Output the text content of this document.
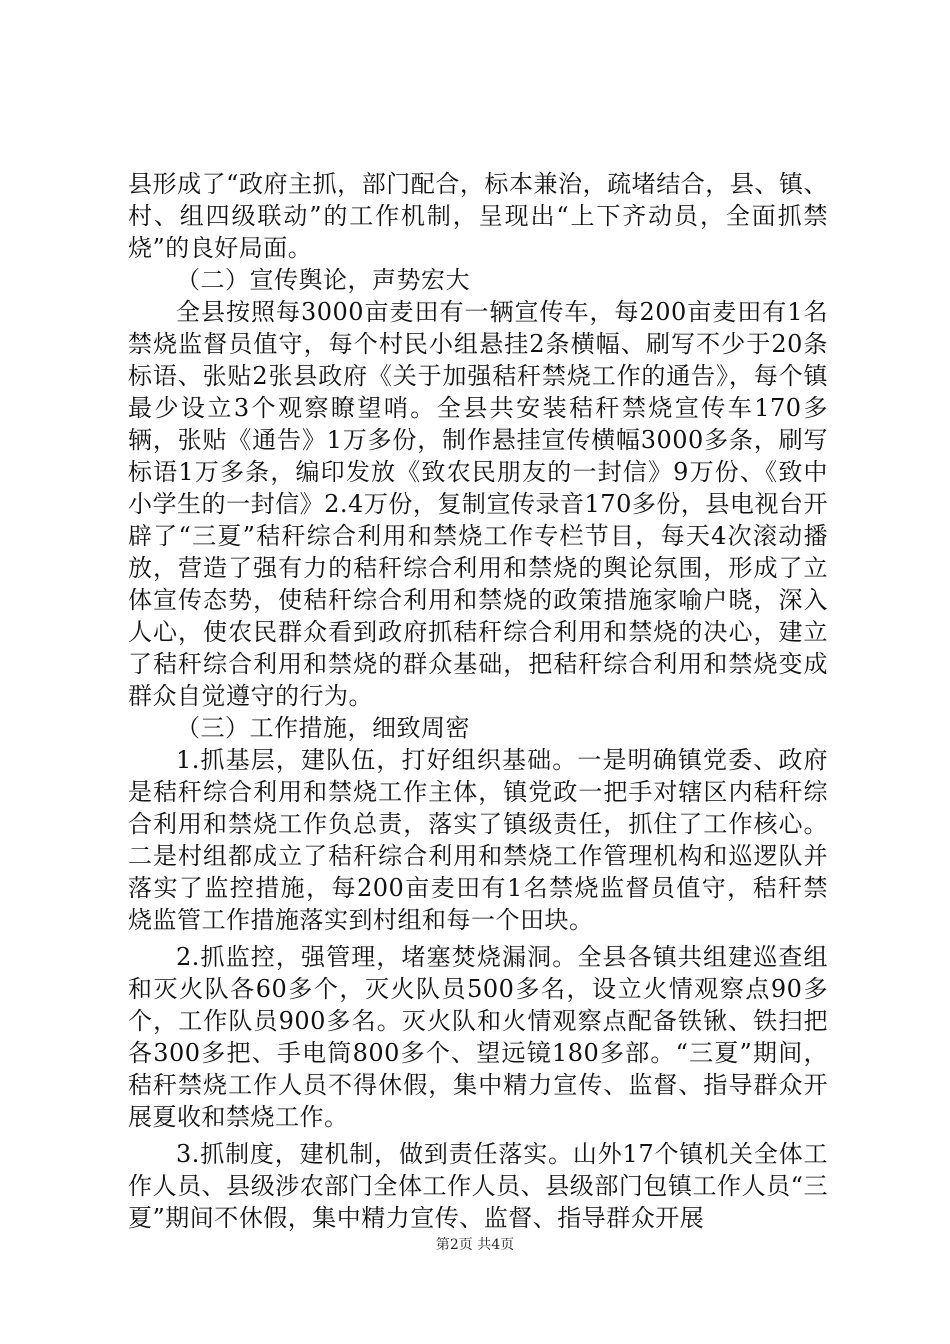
县形成了“政府主抓，部门配合，标本兼治，疏堵结合，县、镇、村、组四级联动”的工作机制，呈现出“上下齐动员，全面抓禁烧”的良好局面。

（二）宣传舆论，声势宏大

全县按照每3000亩麦田有一辆宣传车，每200亩麦田有1名禁烧监督员值守，每个村民小组悬挂2条横幅、刷写不少于20条标语、张贴2张县政府《关于加强秸秆禁烧工作的通告》，每个镇最少设立3个观察瞭望哨。全县共安装秸秆禁烧宣传车170多辆，张贴《通告》1万多份，制作悬挂宣传横幅3000多条，刷写标语1万多条，编印发放《致农民朋友的一封信》9万份、《致中小学生的一封信》2.4万份，复制宣传录音170多份，县电视台开辟了“三夏”秸秆综合利用和禁烧工作专栏节目，每天4次滚动播放，营造了强有力的秸秆综合利用和禁烧的舆论氛围，形成了立体宣传态势，使秸秆综合利用和禁烧的政策措施家喻户晓，深入人心，使农民群众看到政府抓秸秆综合利用和禁烧的决心，建立了秸秆综合利用和禁烧的群众基础，把秸秆综合利用和禁烧变成群众自觉遵守的行为。

（三）工作措施，细致周密

1.抓基层，建队伍，打好组织基础。一是明确镇党委、政府是秸秆综合利用和禁烧工作主体，镇党政一把手对辖区内秸秆综合利用和禁烧工作负总责，落实了镇级责任，抓住了工作核心。二是村组都成立了秸秆综合利用和禁烧工作管理机构和巡逻队并落实了监控措施，每200亩麦田有1名禁烧监督员值守，秸秆禁烧监管工作措施落实到村组和每一个田块。

2.抓监控，强管理，堵塞焚烧漏洞。全县各镇共组建巡查组和灭火队各60多个，灭火队员500多名，设立火情观察点90多个，工作队员900多名。灭火队和火情观察点配备铁锹、铁扫把各300多把、手电筒800多个、望远镜180多部。“三夏”期间，秸秆禁烧工作人员不得休假，集中精力宣传、监督、指导群众开展夏收和禁烧工作。

3.抓制度，建机制，做到责任落实。山外17个镇机关全体工作人员、县级涉农部门全体工作人员、县级部门包镇工作人员“三夏”期间不休假，集中精力宣传、监督、指导群众开展

第2页 共4页
